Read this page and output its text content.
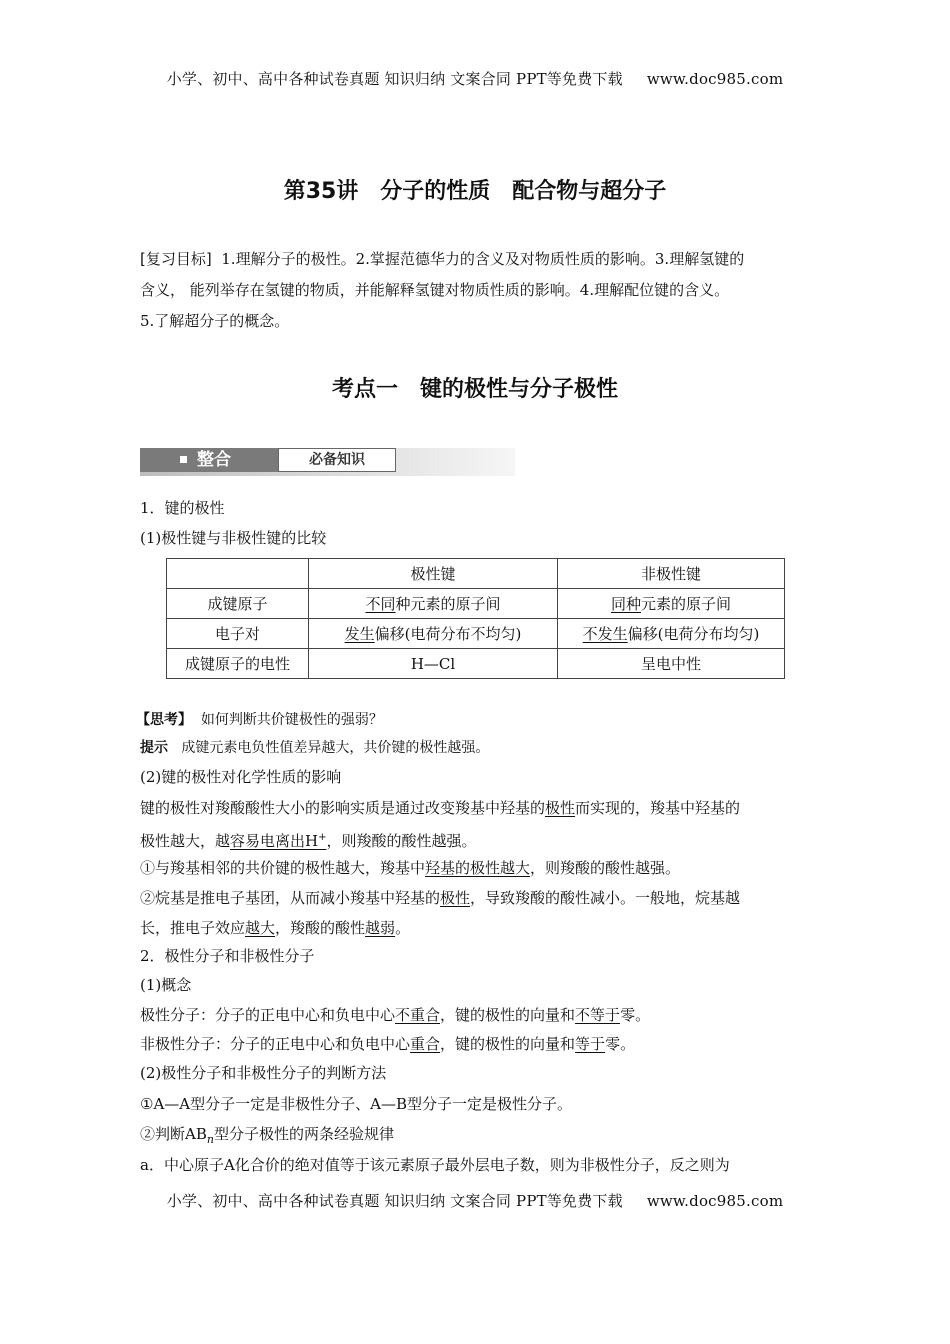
小学、初中、高中各种试卷真题 知识归纳 文案合同 PPT等免费下载 www.doc985.com
第35讲　分子的性质　配合物与超分子
[复习目标] 1.理解分子的极性。2.掌握范德华力的含义及对物质性质的影响。3.理解氢键的
含义， 能列举存在氢键的物质，并能解释氢键对物质性质的影响。4.理解配位键的含义。
5.了解超分子的概念。
考点一　键的极性与分子极性
整合	必备知识
1．键的极性
(1)极性键与非极性键的比较
	极性键	非极性键
成键原子	不同种元素的原子间	同种元素的原子间
电子对	发生偏移(电荷分布不均匀)	不发生偏移(电荷分布均匀)
成键原子的电性	H—Cl	呈电中性
【思考】 如何判断共价键极性的强弱？
提示 成键元素电负性值差异越大，共价键的极性越强。
(2)键的极性对化学性质的影响
键的极性对羧酸酸性大小的影响实质是通过改变羧基中羟基的极性而实现的，羧基中羟基的
极性越大，越容易电离出H+，则羧酸的酸性越强。
①与羧基相邻的共价键的极性越大，羧基中羟基的极性越大，则羧酸的酸性越强。
②烷基是推电子基团，从而减小羧基中羟基的极性，导致羧酸的酸性减小。一般地，烷基越
长，推电子效应越大，羧酸的酸性越弱。
2．极性分子和非极性分子
(1)概念
极性分子：分子的正电中心和负电中心不重合，键的极性的向量和不等于零。
非极性分子：分子的正电中心和负电中心重合，键的极性的向量和等于零。
(2)极性分子和非极性分子的判断方法
①A—A型分子一定是非极性分子、A—B型分子一定是极性分子。
②判断$AB_n$型分子极性的两条经验规律
a．中心原子A化合价的绝对值等于该元素原子最外层电子数，则为非极性分子，反之则为
小学、初中、高中各种试卷真题 知识归纳 文案合同 PPT等免费下载 www.doc985.com
